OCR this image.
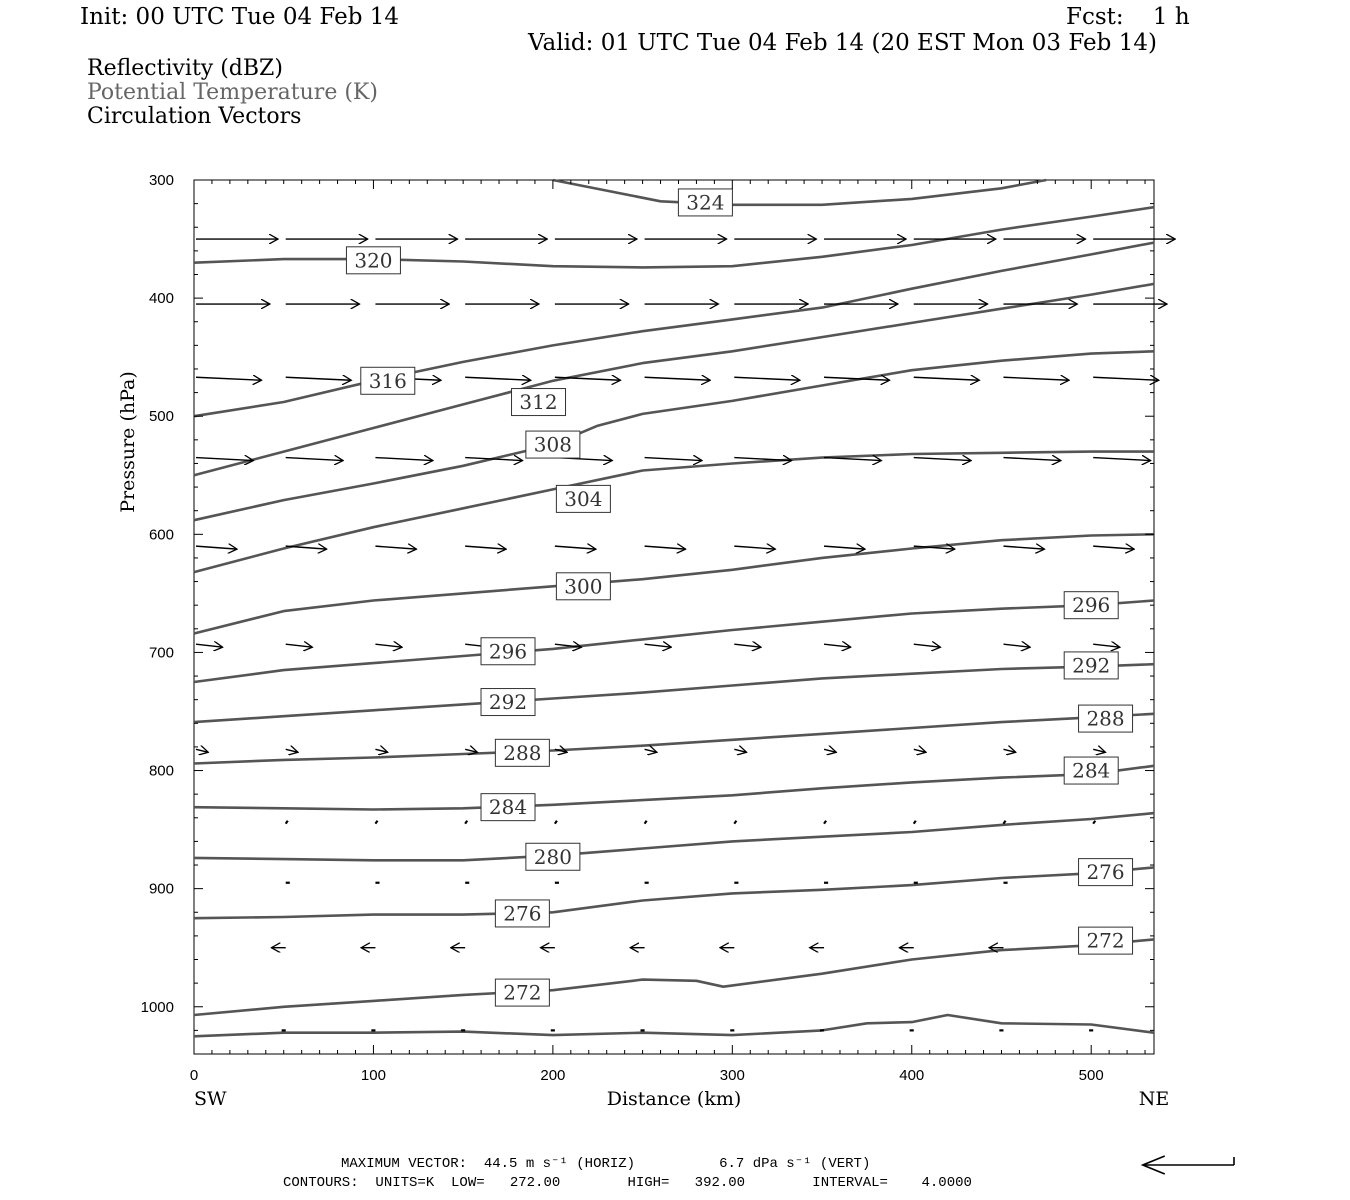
Init: 00 UTC Tue 04 Feb 14	Fcst:    1 h
Valid: 01 UTC Tue 04 Feb 14 (20 EST Mon 03 Feb 14)
Reflectivity (dBZ)
Potential Temperature (K)
Circulation Vectors
324
320
316
312
308
304
300
296
292
288
284
280
276
272
296
292
288
284
276
272
0	100	200	300	400	500
300
400
500
600
700
800
900
1000
SW	NE
Distance (km)
Pressure (hPa)
MAXIMUM VECTOR:  44.5 m s⁻¹ (HORIZ)          6.7 dPa s⁻¹ (VERT)
CONTOURS:  UNITS=K  LOW=   272.00        HIGH=   392.00        INTERVAL=    4.0000
